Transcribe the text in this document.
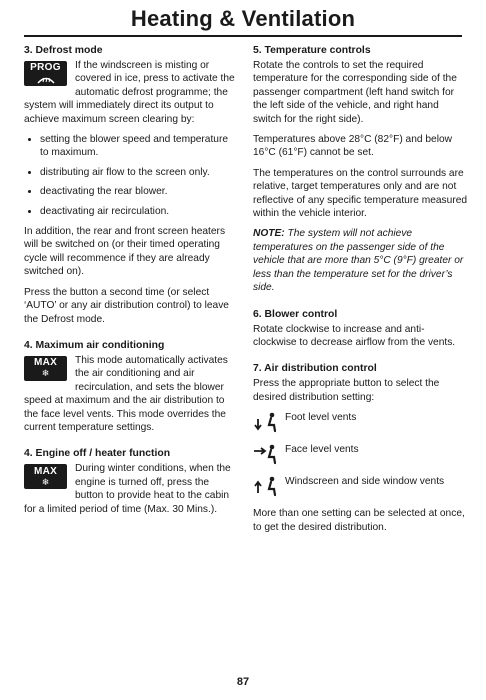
Heating & Ventilation
3. Defrost mode
PROG	If the windscreen is misting or covered in ice, press to activate the automatic defrost programme; the system will immediately direct its output to achieve maximum screen clearing by:

• setting the blower speed and temperature to maximum.
• distributing air flow to the screen only.
• deactivating the rear blower.
• deactivating air recirculation.

In addition, the rear and front screen heaters will be switched on (or their timed operating cycle will recommence if they are already switched on).

Press the button a second time (or select ‘AUTO’ or any air distribution control) to leave the Defrost mode.

4. Maximum air conditioning
MAX
❄

This mode automatically activates the air conditioning and air recirculation, and sets the blower speed at maximum and the air distribution to the face level vents. This mode overrides the current temperature settings.

4. Engine off / heater function
MAX
❄

During winter conditions, when the engine is turned off, press the button to provide heat to the cabin for a limited period of time (Max. 30 Mins.).

5. Temperature controls

Rotate the controls to set the required temperature for the corresponding side of the passenger compartment (left hand switch for the left side of the vehicle, and right hand switch for the right side).

Temperatures above 28°C (82°F) and below 16°C (61°F) cannot be set.

The temperatures on the control surrounds are relative, target temperatures only and are not reflective of any specific temperature measured within the vehicle interior.

NOTE: The system will not achieve temperatures on the passenger side of the vehicle that are more than 5°C (9°F) greater or less than the temperature set for the driver’s side.

6. Blower control

Rotate clockwise to increase and anti-clockwise to decrease airflow from the vents.

7. Air distribution control

Press the appropriate button to select the desired distribution setting:

Foot level vents
Face level vents
Windscreen and side window vents

More than one setting can be selected at once, to get the desired distribution.

87
